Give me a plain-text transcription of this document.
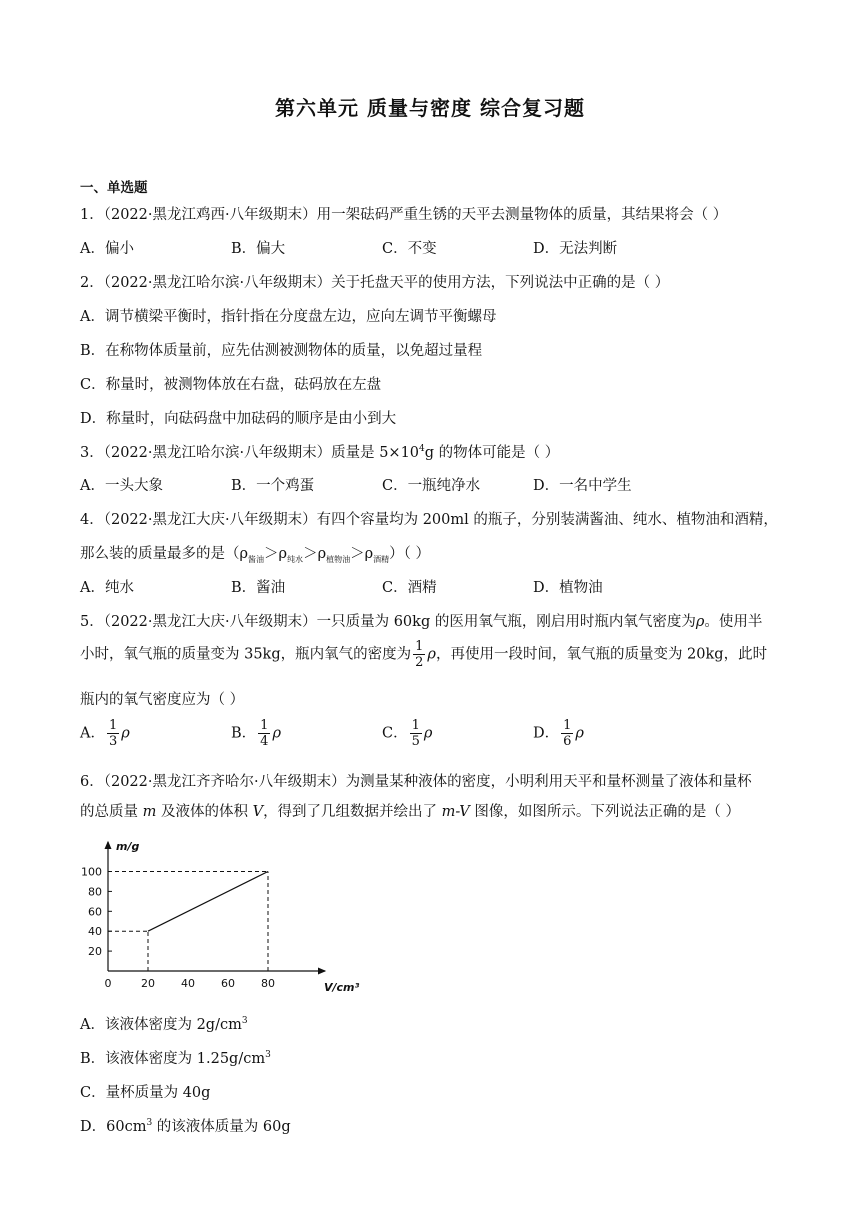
第六单元 质量与密度 综合复习题
一、单选题
1．（2022·黑龙江鸡西·八年级期末）用一架砝码严重生锈的天平去测量物体的质量，其结果将会（ ）
A．偏小	B．偏大	C．不变	D．无法判断
2．（2022·黑龙江哈尔滨·八年级期末）关于托盘天平的使用方法，下列说法中正确的是（ ）
A．调节横梁平衡时，指针指在分度盘左边，应向左调节平衡螺母
B．在称物体质量前，应先估测被测物体的质量，以免超过量程
C．称量时，被测物体放在右盘，砝码放在左盘
D．称量时，向砝码盘中加砝码的顺序是由小到大
3．（2022·黑龙江哈尔滨·八年级期末）质量是 $5\times 10^4g$ 的物体可能是（ ）
A．一头大象	B．一个鸡蛋	C．一瓶纯净水	D．一名中学生
4．（2022·黑龙江大庆·八年级期末）有四个容量均为 200ml 的瓶子，分别装满酱油、纯水、植物油和酒精，
那么装的质量最多的是$(\rho_{酱油}>\rho_{纯水}>\rho_{植物油}>\rho_{酒精})$（ ）
A．纯水	B．酱油	C．酒精	D．植物油
5．（2022·黑龙江大庆·八年级期末）一只质量为 60kg 的医用氧气瓶，刚启用时瓶内氧气密度为ρ。使用半
小时，氧气瓶的质量变为 35kg，瓶内氧气的密度为 $\frac{1}{2}$ ρ，再使用一段时间，氧气瓶的质量变为 20kg，此时
瓶内的氧气密度应为（ ）
A． $\frac{1}{3}$ ρ	B． $\frac{1}{4}$ ρ	C． $\frac{1}{5}$ ρ	D． $\frac{1}{6}$ ρ
6．（2022·黑龙江齐齐哈尔·八年级期末）为测量某种液体的密度，小明利用天平和量杯测量了液体和量杯
的总质量 m 及液体的体积 V，得到了几组数据并绘出了 m-V 图像，如图所示。下列说法正确的是（ ）
0	20 40 60 80
20
40
60
80
100
m/g
V/cm³
A．该液体密度为 $2g/cm^3$
B．该液体密度为 $1.25g/cm^3$
C．量杯质量为 40g
D．$60cm^3$ 的该液体质量为 60g
